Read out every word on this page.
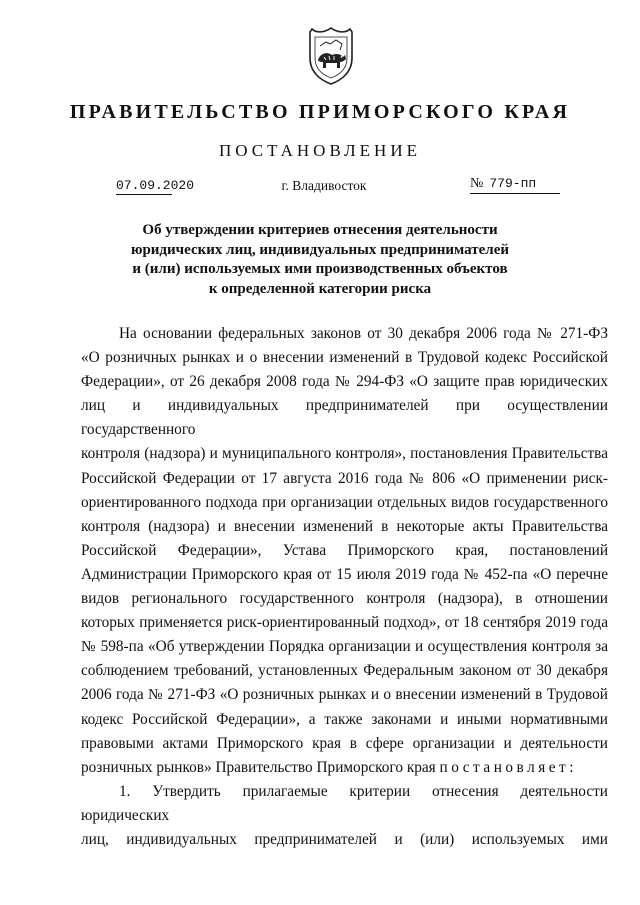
ПРАВИТЕЛЬСТВО ПРИМОРСКОГО КРАЯ
ПОСТАНОВЛЕНИЕ
07.09.2020	г. Владивосток	№ 779-пп
Об утверждении критериев отнесения деятельности
юридических лиц, индивидуальных предпринимателей
и (или) используемых ими производственных объектов
к определенной категории риска

На основании федеральных законов от 30 декабря 2006 года № 271-ФЗ

«О розничных рынках и о внесении изменений в Трудовой кодекс Российской

Федерации», от 26 декабря 2008 года № 294-ФЗ «О защите прав юридических

лиц и индивидуальных предпринимателей при осуществлении государственного

контроля (надзора) и муниципального контроля», постановления Правительства

Российской Федерации от 17 августа 2016 года № 806 «О применении риск-

ориентированного подхода при организации отдельных видов государственного

контроля (надзора) и внесении изменений в некоторые акты Правительства

Российской Федерации», Устава Приморского края, постановлений

Администрации Приморского края от 15 июля 2019 года № 452-па «О перечне

видов регионального государственного контроля (надзора), в отношении

которых применяется риск-ориентированный подход», от 18 сентября 2019 года

№ 598-па «Об утверждении Порядка организации и осуществления контроля за

соблюдением требований, установленных Федеральным законом от 30 декабря

2006 года № 271-ФЗ «О розничных рынках и о внесении изменений в Трудовой

кодекс Российской Федерации», а также законами и иными нормативными

правовыми актами Приморского края в сфере организации и деятельности

розничных рынков» Правительство Приморского края постановляет:

1. Утвердить прилагаемые критерии отнесения деятельности юридических

лиц, индивидуальных предпринимателей и (или) используемых ими
